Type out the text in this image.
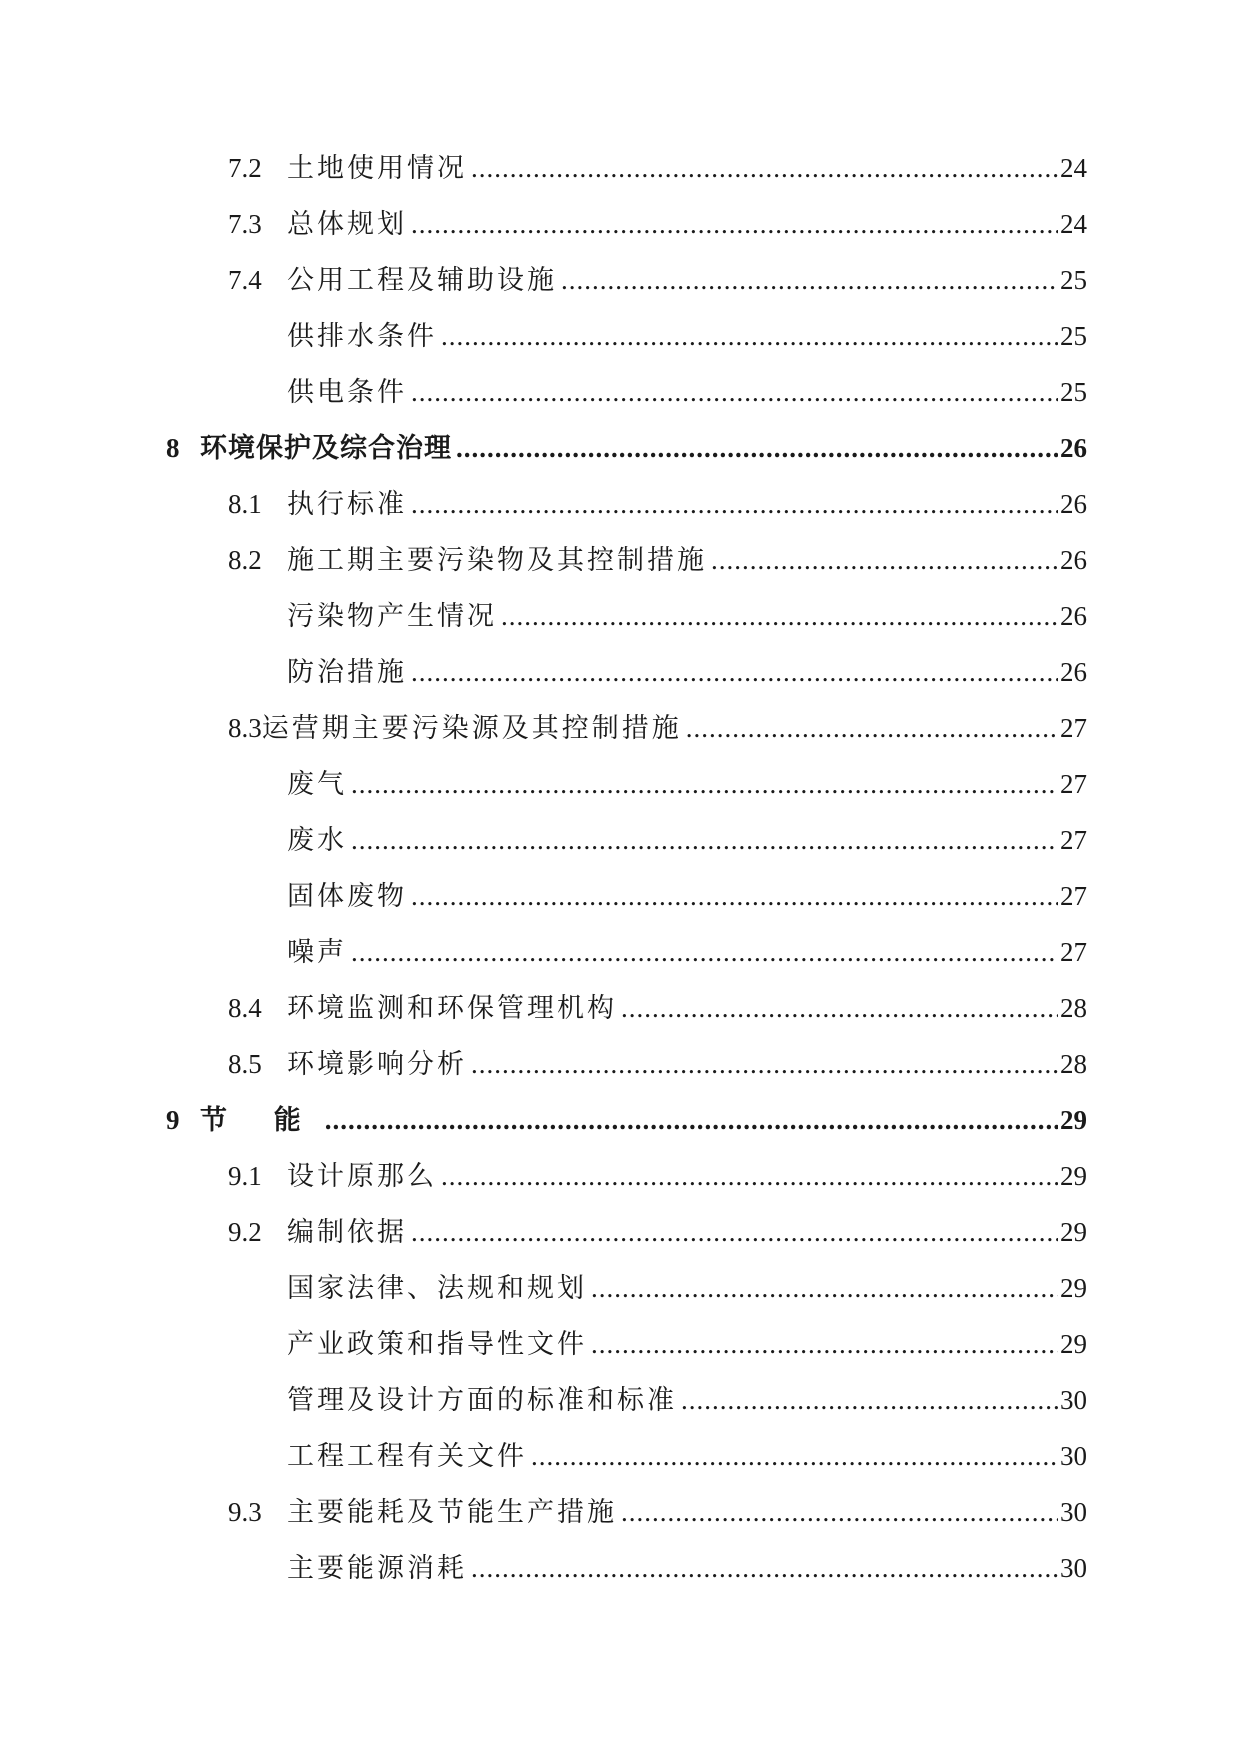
7.2 土地使用情况 .....	24
7.3 总体规划 .....	24
7.4 公用工程及辅助设施 .....	25
供排水条件 .....	25
供电条件 .....	25
8 环境保护及综合治理 .....	26
8.1 执行标准 .....	26
8.2 施工期主要污染物及其控制措施 .....	26
污染物产生情况 .....	26
防治措施 .....	26
8.3 运营期主要污染源及其控制措施 .....	27
废气 .....	27
废水 .....	27
固体废物 .....	27
噪声 .....	27
8.4 环境监测和环保管理机构 .....	28
8.5 环境影响分析 .....	28
9 节 能 .....	29
9.1 设计原那么 .....	29
9.2 编制依据 .....	29
国家法律、法规和规划 .....	29
产业政策和指导性文件 .....	29
管理及设计方面的标准和标准 .....	30
工程工程有关文件 .....	30
9.3 主要能耗及节能生产措施 .....	30
主要能源消耗 .....	30
